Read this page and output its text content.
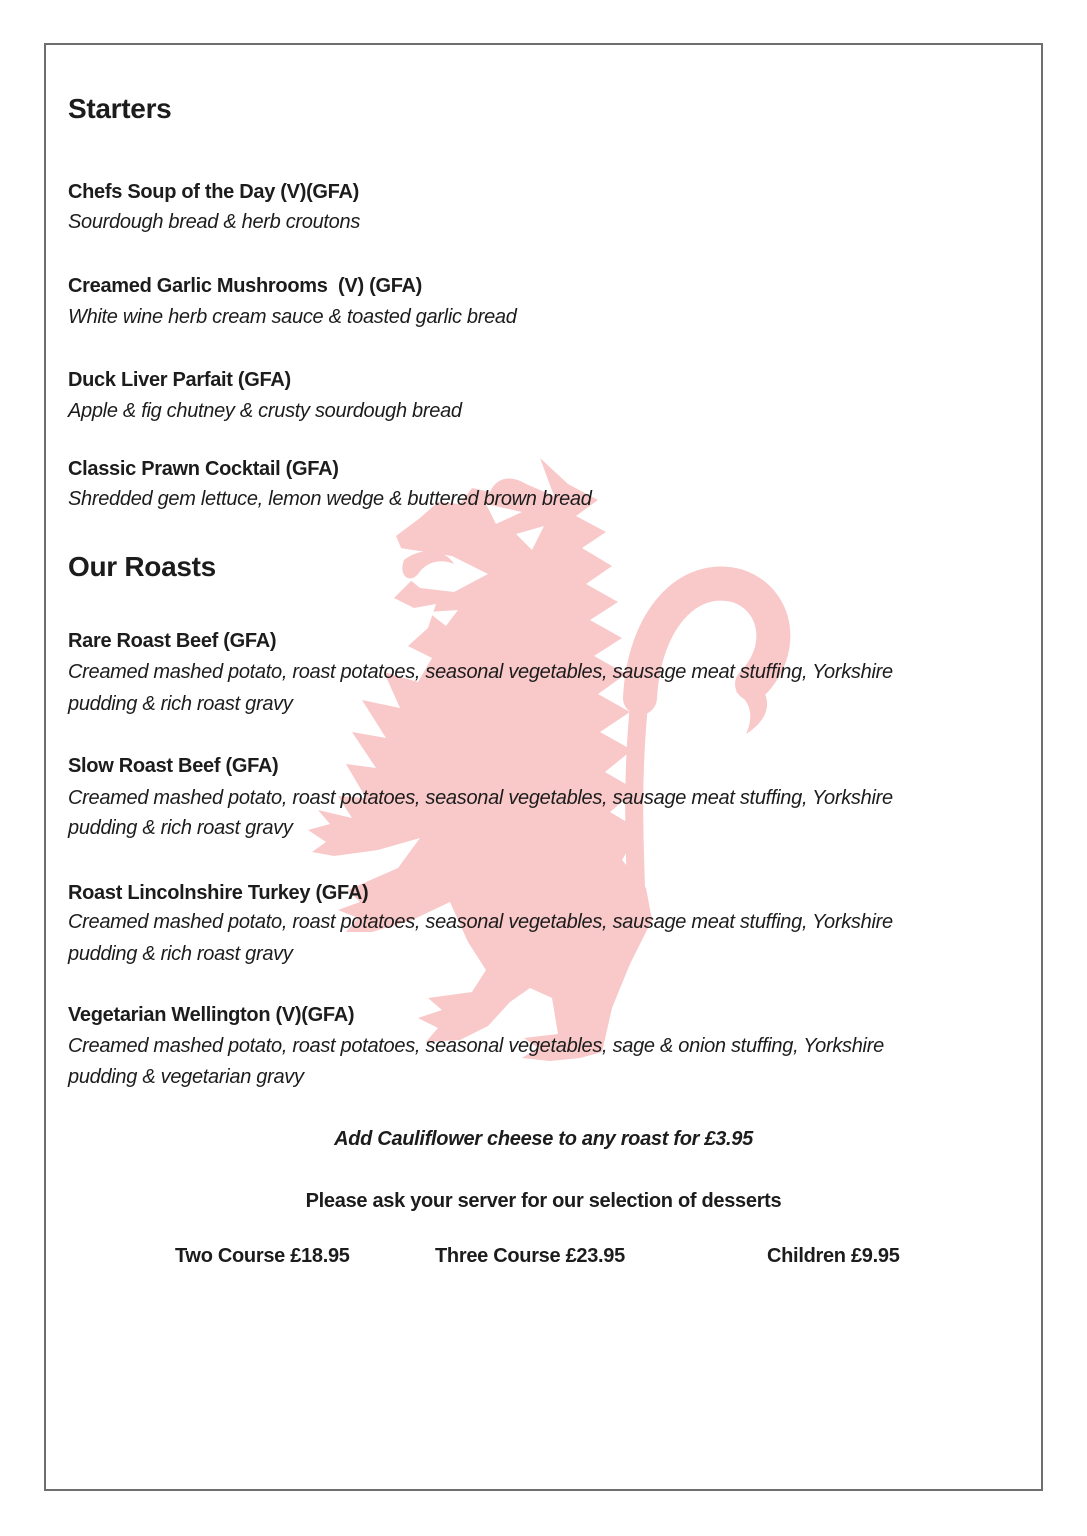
Starters
Chefs Soup of the Day (V)(GFA)
Sourdough bread & herb croutons
Creamed Garlic Mushrooms  (V) (GFA)
White wine herb cream sauce & toasted garlic bread
Duck Liver Parfait (GFA)
Apple & fig chutney & crusty sourdough bread
Classic Prawn Cocktail (GFA)
Shredded gem lettuce, lemon wedge & buttered brown bread
Our Roasts
Rare Roast Beef (GFA)
Creamed mashed potato, roast potatoes, seasonal vegetables, sausage meat stuffing, Yorkshire
pudding & rich roast gravy
Slow Roast Beef (GFA)
Creamed mashed potato, roast potatoes, seasonal vegetables, sausage meat stuffing, Yorkshire
pudding & rich roast gravy
Roast Lincolnshire Turkey (GFA)
Creamed mashed potato, roast potatoes, seasonal vegetables, sausage meat stuffing, Yorkshire
pudding & rich roast gravy
Vegetarian Wellington (V)(GFA)
Creamed mashed potato, roast potatoes, seasonal vegetables, sage & onion stuffing, Yorkshire
pudding & vegetarian gravy
Add Cauliflower cheese to any roast for £3.95
Please ask your server for our selection of desserts
Two Course £18.95	Three Course £23.95	Children £9.95
